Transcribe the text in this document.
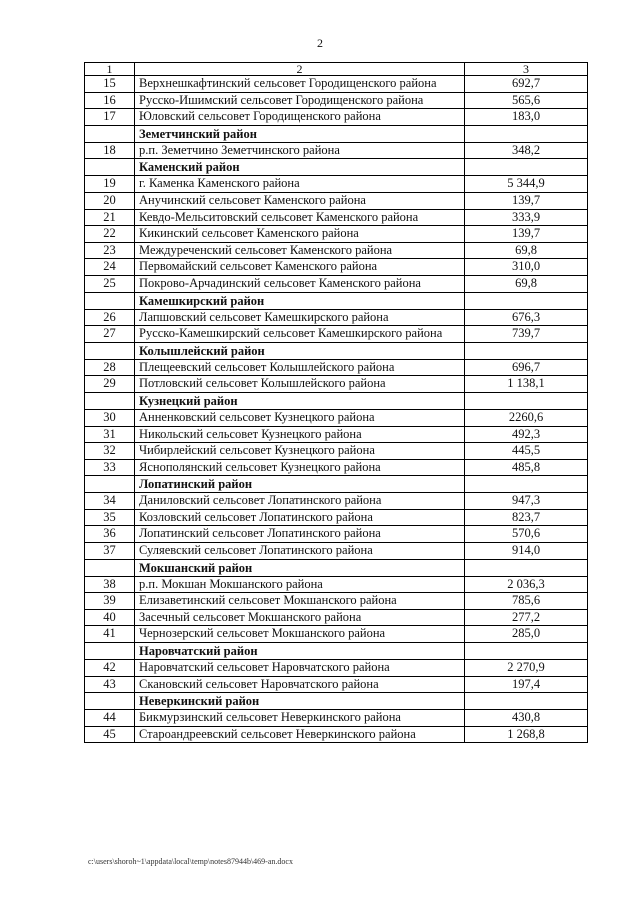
2
1	2	3
15	Верхнешкафтинский сельсовет Городищенского района	692,7
16	Русско-Ишимский сельсовет Городищенского района	565,6
17	Юловский сельсовет Городищенского района	183,0
	Земетчинский район	
18	р.п. Земетчино Земетчинского района	348,2
	Каменский район	
19	г. Каменка Каменского района	5 344,9
20	Анучинский сельсовет Каменского района	139,7
21	Кевдо-Мельситовский сельсовет Каменского района	333,9
22	Кикинский сельсовет Каменского района	139,7
23	Междуреченский сельсовет Каменского района	69,8
24	Первомайский сельсовет Каменского района	310,0
25	Покрово-Арчадинский сельсовет Каменского района	69,8
	Камешкирский район	
26	Лапшовский сельсовет Камешкирского района	676,3
27	Русско-Камешкирский сельсовет Камешкирского района	739,7
	Колышлейский район	
28	Плещеевский сельсовет Колышлейского района	696,7
29	Потловский сельсовет Колышлейского района	1 138,1
	Кузнецкий район	
30	Анненковский сельсовет Кузнецкого района	2260,6
31	Никольский сельсовет Кузнецкого района	492,3
32	Чибирлейский сельсовет Кузнецкого района	445,5
33	Яснополянский сельсовет Кузнецкого района	485,8
	Лопатинский район	
34	Даниловский сельсовет Лопатинского района	947,3
35	Козловский сельсовет Лопатинского района	823,7
36	Лопатинский сельсовет Лопатинского района	570,6
37	Суляевский сельсовет Лопатинского района	914,0
	Мокшанский район	
38	р.п. Мокшан Мокшанского района	2 036,3
39	Елизаветинский сельсовет Мокшанского района	785,6
40	Засечный сельсовет Мокшанского района	277,2
41	Чернозерский сельсовет Мокшанского района	285,0
	Наровчатский район	
42	Наровчатский сельсовет Наровчатского района	2 270,9
43	Скановский сельсовет Наровчатского района	197,4
	Неверкинский район	
44	Бикмурзинский сельсовет Неверкинского района	430,8
45	Староандреевский сельсовет Неверкинского района	1 268,8
c:\users\shoroh~1\appdata\local\temp\notes87944b\469-an.docx
